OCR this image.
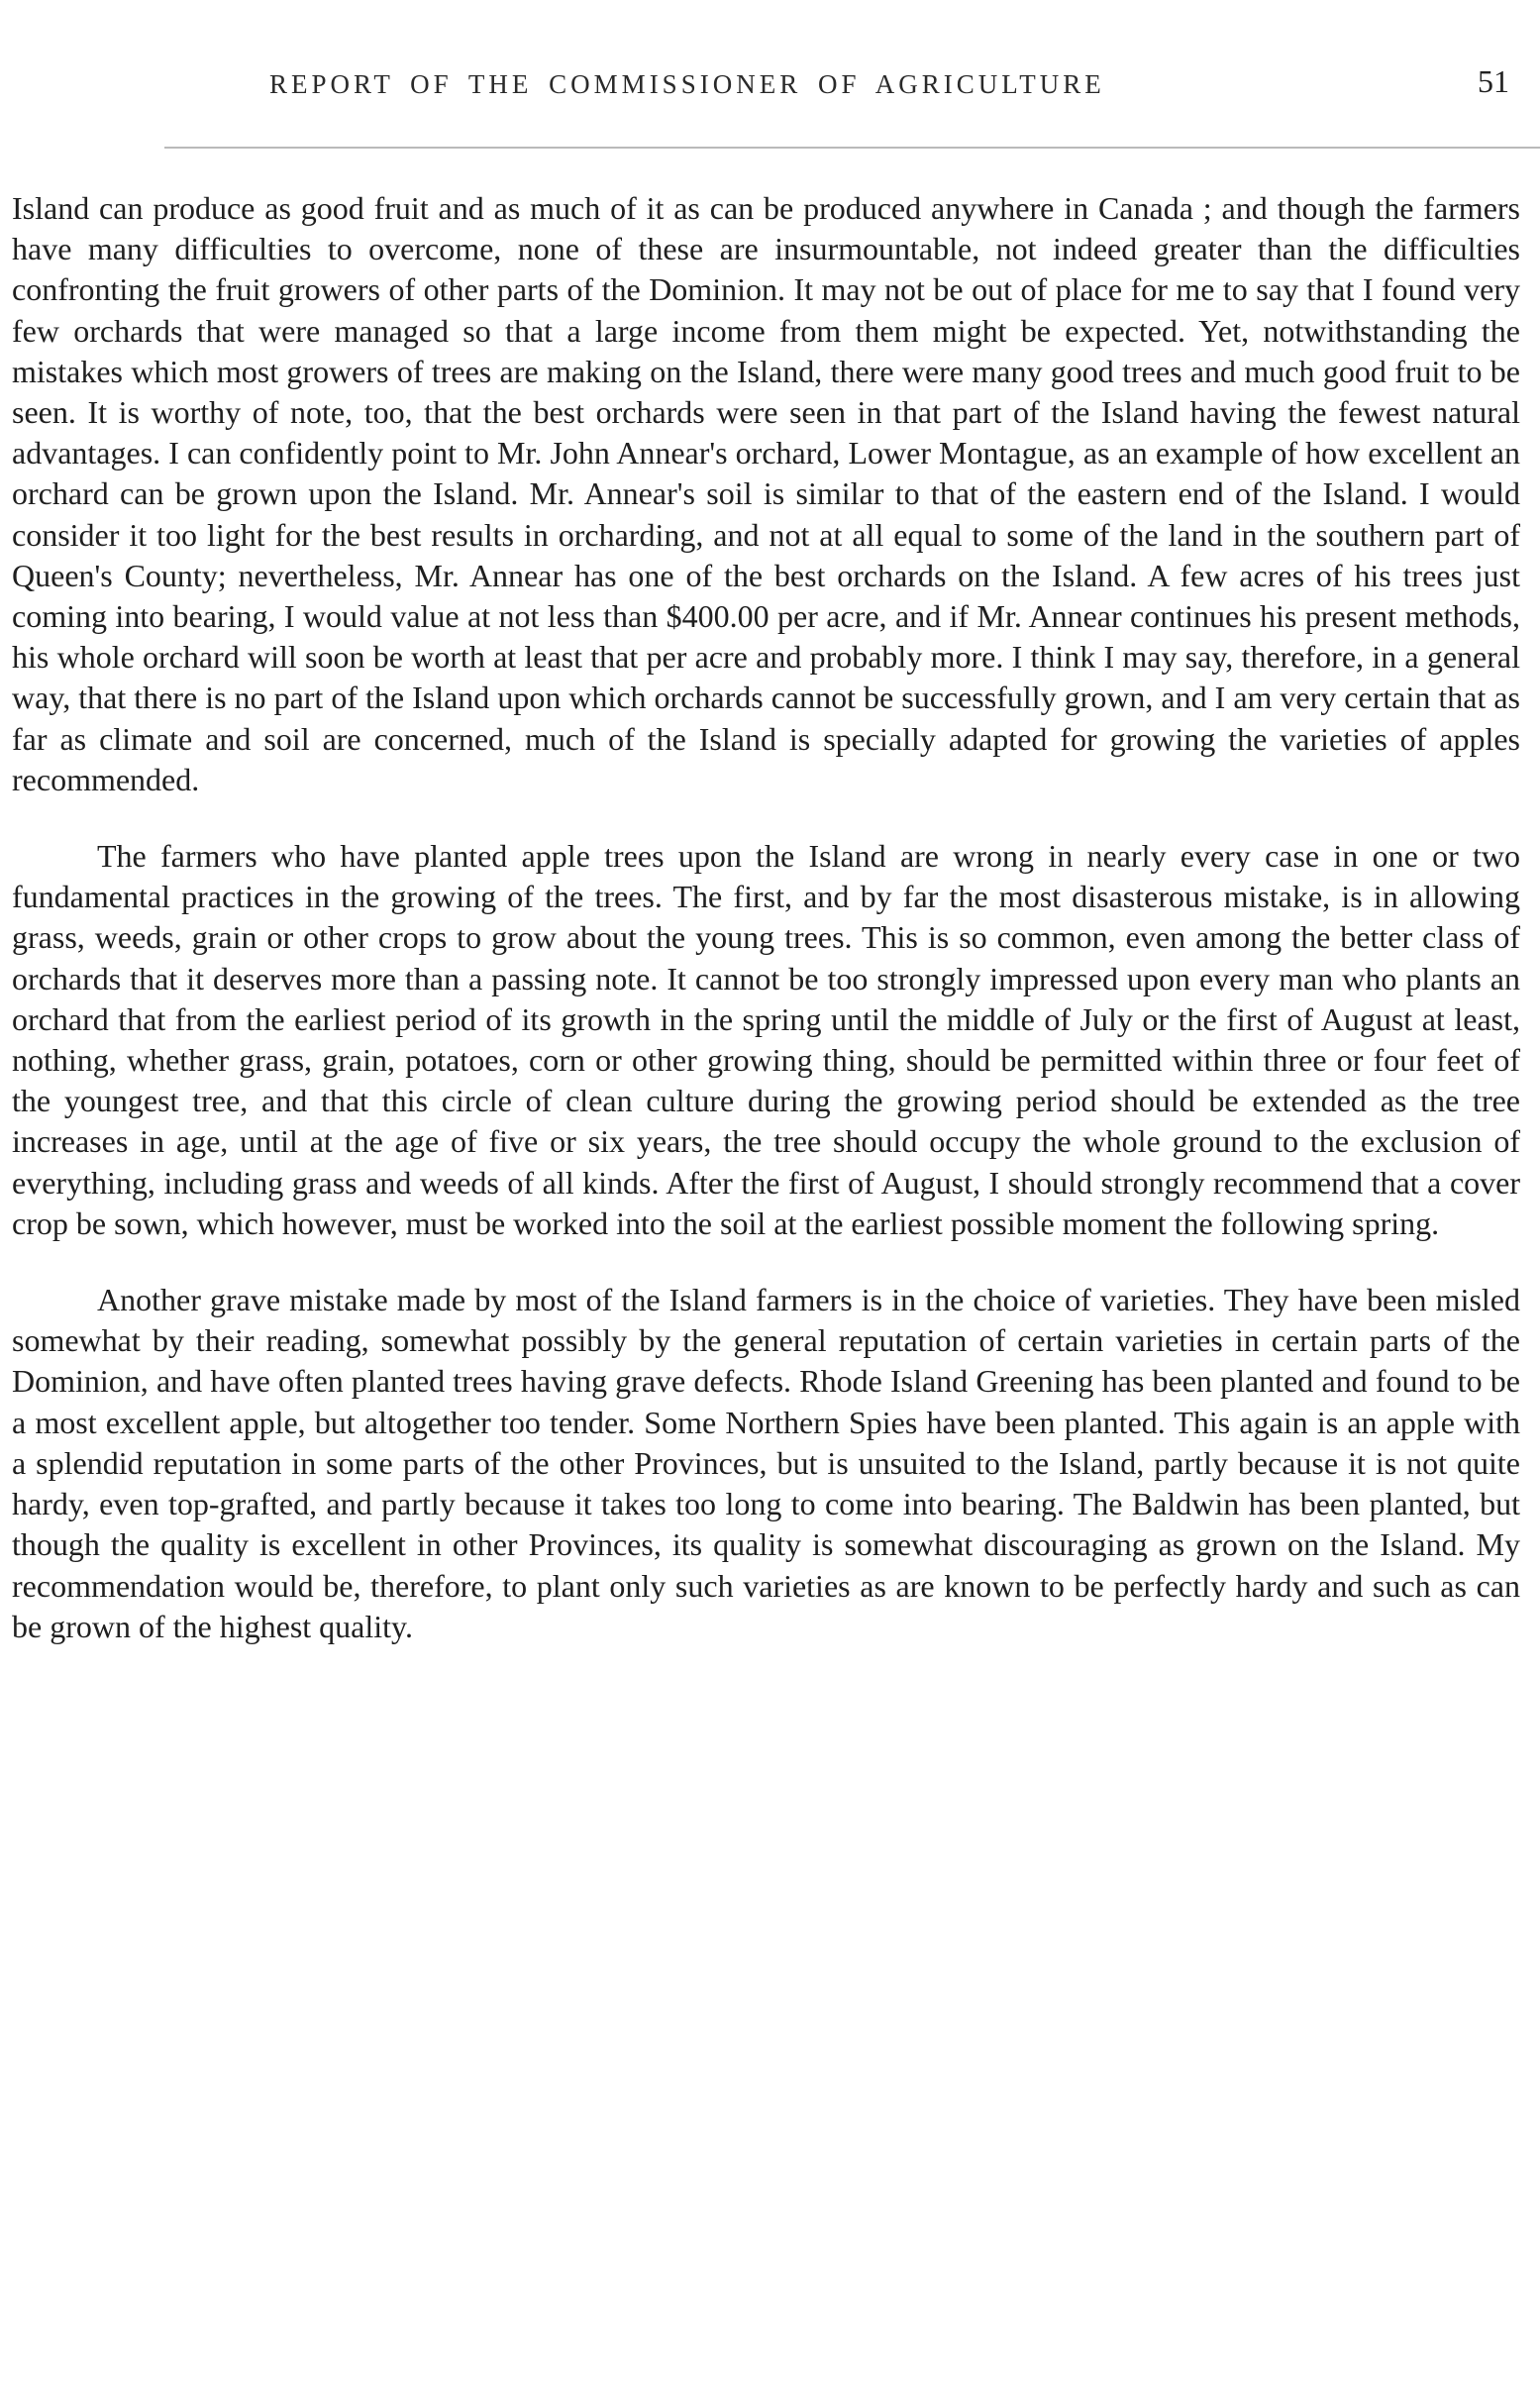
REPORT OF THE COMMISSIONER OF AGRICULTURE	51

Island can produce as good fruit and as much of it as can be produced anywhere in Canada ; and though the farmers have many difficulties to overcome, none of these are insurmountable, not indeed greater than the difficulties confronting the fruit growers of other parts of the Dominion. It may not be out of place for me to say that I found very few orchards that were managed so that a large income from them might be expected. Yet, notwithstanding the mistakes which most growers of trees are making on the Island, there were many good trees and much good fruit to be seen. It is worthy of note, too, that the best orchards were seen in that part of the Island having the fewest natural advantages. I can confidently point to Mr. John Annear's orchard, Lower Montague, as an example of how excellent an orchard can be grown upon the Island. Mr. Annear's soil is similar to that of the eastern end of the Island. I would consider it too light for the best results in orcharding, and not at all equal to some of the land in the southern part of Queen's County; nevertheless, Mr. Annear has one of the best orchards on the Island. A few acres of his trees just coming into bearing, I would value at not less than $400.00 per acre, and if Mr. Annear continues his present methods, his whole orchard will soon be worth at least that per acre and probably more. I think I may say, therefore, in a general way, that there is no part of the Island upon which orchards cannot be successfully grown, and I am very certain that as far as climate and soil are concerned, much of the Island is specially adapted for growing the varieties of apples recommended.

The farmers who have planted apple trees upon the Island are wrong in nearly every case in one or two fundamental practices in the growing of the trees. The first, and by far the most disasterous mistake, is in allowing grass, weeds, grain or other crops to grow about the young trees. This is so common, even among the better class of orchards that it deserves more than a passing note. It cannot be too strongly impressed upon every man who plants an orchard that from the earliest period of its growth in the spring until the middle of July or the first of August at least, nothing, whether grass, grain, potatoes, corn or other growing thing, should be permitted within three or four feet of the youngest tree, and that this circle of clean culture during the growing period should be extended as the tree increases in age, until at the age of five or six years, the tree should occupy the whole ground to the exclusion of everything, including grass and weeds of all kinds. After the first of August, I should strongly recommend that a cover crop be sown, which however, must be worked into the soil at the earliest possible moment the following spring.

Another grave mistake made by most of the Island farmers is in the choice of varieties. They have been misled somewhat by their reading, somewhat possibly by the general reputation of certain varieties in certain parts of the Dominion, and have often planted trees having grave defects. Rhode Island Greening has been planted and found to be a most excellent apple, but altogether too tender. Some Northern Spies have been planted. This again is an apple with a splendid reputation in some parts of the other Provinces, but is unsuited to the Island, partly because it is not quite hardy, even top-grafted, and partly because it takes too long to come into bearing. The Baldwin has been planted, but though the quality is excellent in other Provinces, its quality is somewhat discouraging as grown on the Island. My recommendation would be, therefore, to plant only such varieties as are known to be perfectly hardy and such as can be grown of the highest quality.
